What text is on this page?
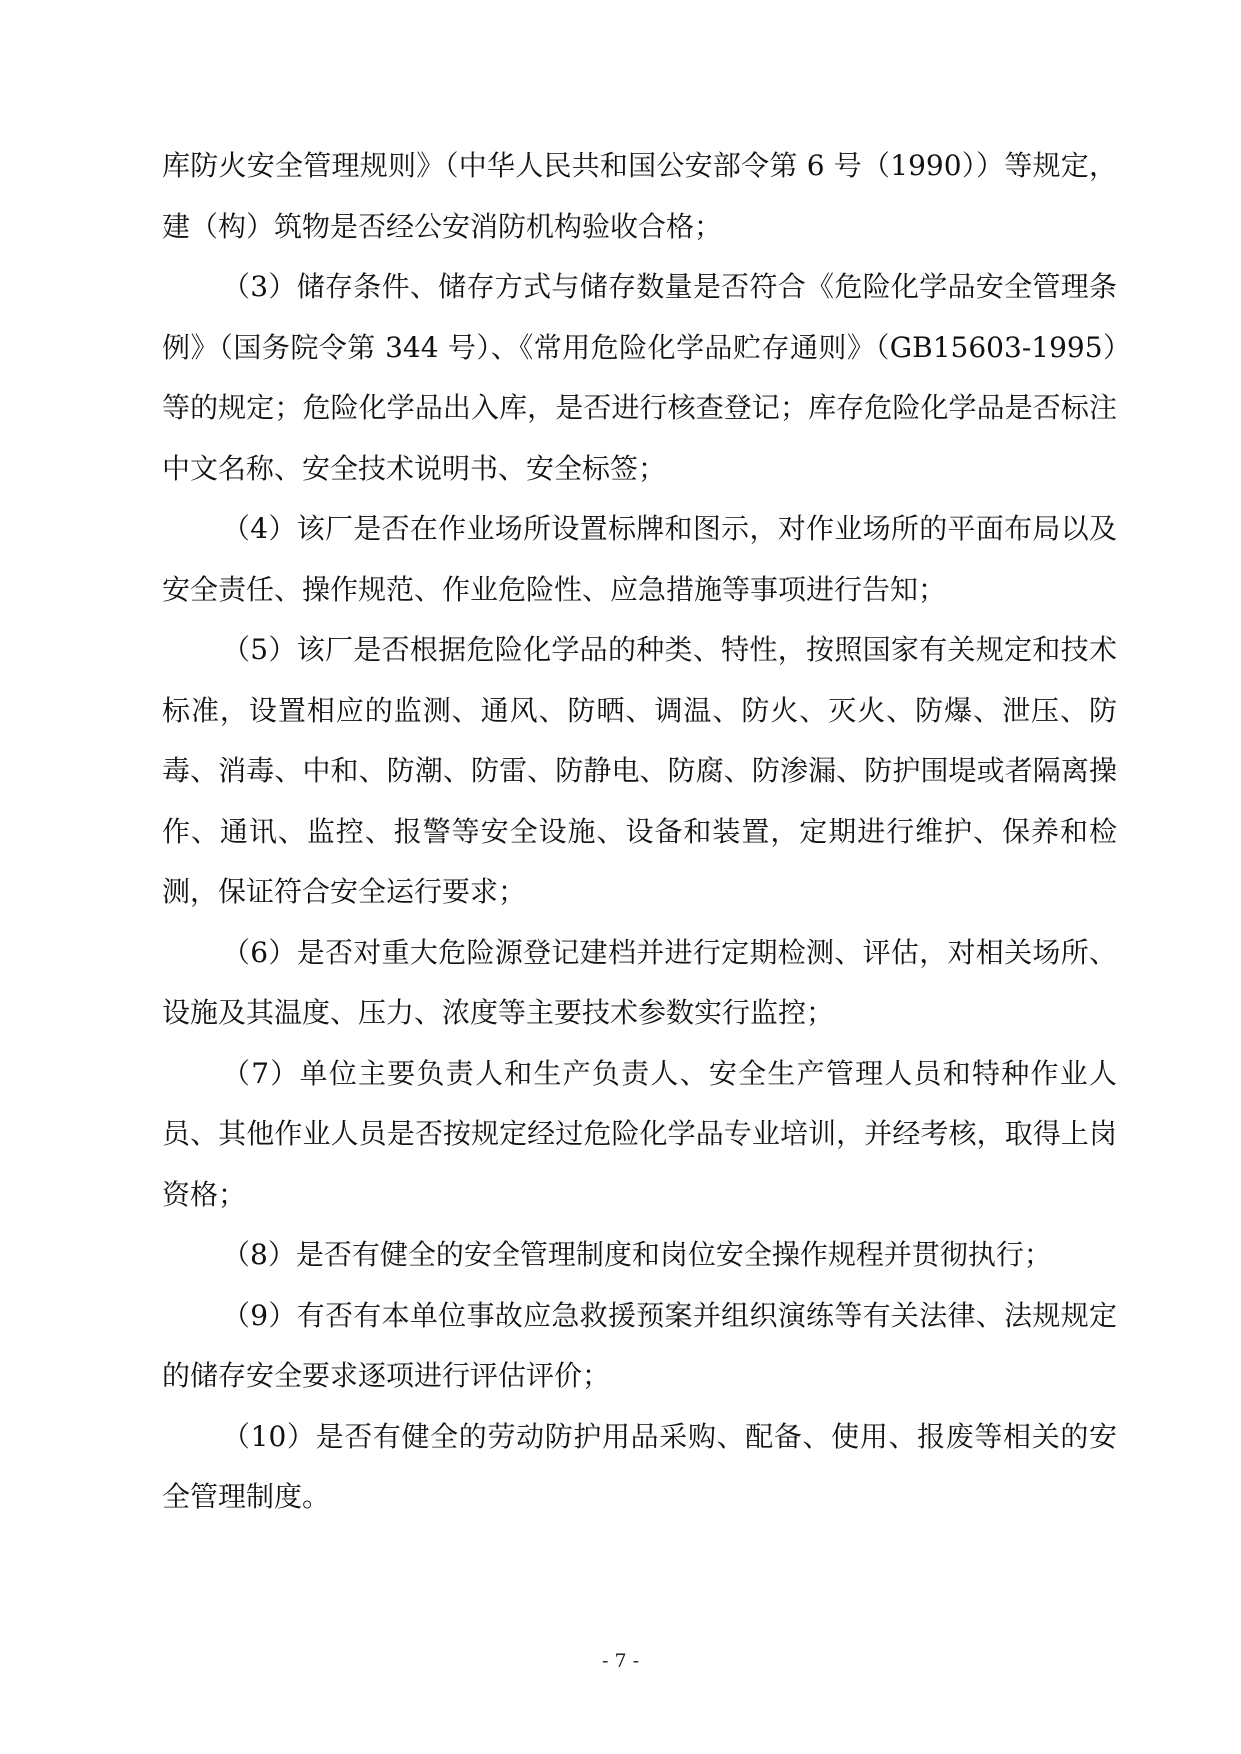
库防火安全管理规则》（中华人民共和国公安部令第 6 号（1990））等规定，建（构）筑物是否经公安消防机构验收合格；

（3）储存条件、储存方式与储存数量是否符合《危险化学品安全管理条例》（国务院令第 344 号）、《常用危险化学品贮存通则》（GB15603-1995）等的规定；危险化学品出入库，是否进行核查登记；库存危险化学品是否标注中文名称、安全技术说明书、安全标签；

（4）该厂是否在作业场所设置标牌和图示，对作业场所的平面布局以及安全责任、操作规范、作业危险性、应急措施等事项进行告知；

（5）该厂是否根据危险化学品的种类、特性，按照国家有关规定和技术标准，设置相应的监测、通风、防晒、调温、防火、灭火、防爆、泄压、防毒、消毒、中和、防潮、防雷、防静电、防腐、防渗漏、防护围堤或者隔离操作、通讯、监控、报警等安全设施、设备和装置，定期进行维护、保养和检测，保证符合安全运行要求；

（6）是否对重大危险源登记建档并进行定期检测、评估，对相关场所、设施及其温度、压力、浓度等主要技术参数实行监控；

（7）单位主要负责人和生产负责人、安全生产管理人员和特种作业人员、其他作业人员是否按规定经过危险化学品专业培训，并经考核，取得上岗资格；

（8）是否有健全的安全管理制度和岗位安全操作规程并贯彻执行；

（9）有否有本单位事故应急救援预案并组织演练等有关法律、法规规定的储存安全要求逐项进行评估评价；

（10）是否有健全的劳动防护用品采购、配备、使用、报废等相关的安全管理制度。

- 7 -
